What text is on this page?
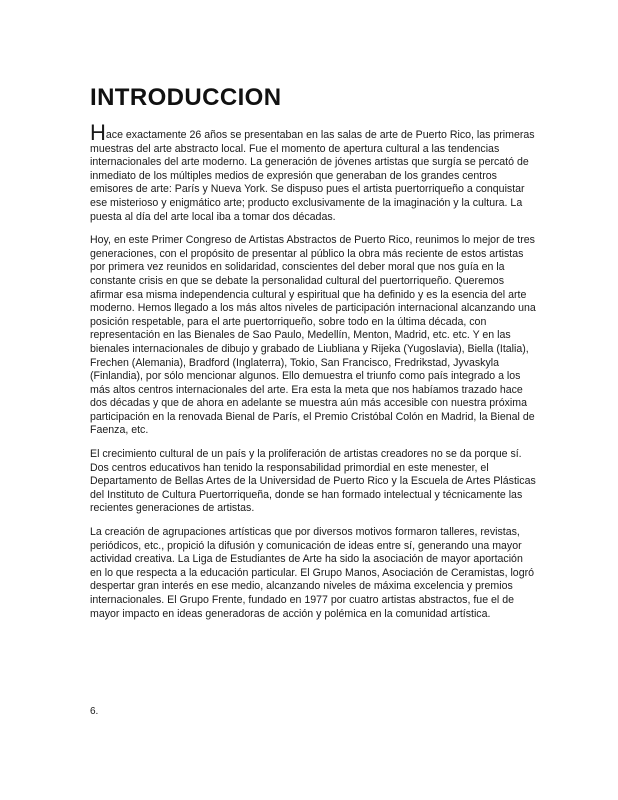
INTRODUCCION

Hace exactamente 26 años se presentaban en las salas de arte de Puerto Rico, las primeras muestras del arte abstracto local. Fue el momento de apertura cultural a las tendencias internacionales del arte moderno. La generación de jóvenes artistas que surgía se percató de inmediato de los múltiples medios de expresión que generaban de los grandes centros emisores de arte: París y Nueva York. Se dispuso pues el artista puertorriqueño a conquistar ese misterioso y enigmático arte; producto exclusivamente de la imaginación y la cultura. La puesta al día del arte local iba a tomar dos décadas.

Hoy, en este Primer Congreso de Artistas Abstractos de Puerto Rico, reunimos lo mejor de tres generaciones, con el propósito de presentar al público la obra más reciente de estos artistas por primera vez reunidos en solidaridad, conscientes del deber moral que nos guía en la constante crisis en que se debate la personalidad cultural del puertorriqueño. Queremos afirmar esa misma independencia cultural y espiritual que ha definido y es la esencia del arte moderno. Hemos llegado a los más altos niveles de participación internacional alcanzando una posición respetable, para el arte puertorriqueño, sobre todo en la última década, con representación en las Bienales de Sao Paulo, Medellín, Menton, Madrid, etc. etc. Y en las bienales internacionales de dibujo y grabado de Liubliana y Rijeka (Yugoslavia), Biella (Italia), Frechen (Alemania), Bradford (Inglaterra), Tokio, San Francisco, Fredrikstad, Jyvaskyla (Finlandia), por sólo mencionar algunos. Ello demuestra el triunfo como país integrado a los más altos centros internacionales del arte. Era esta la meta que nos habíamos trazado hace dos décadas y que de ahora en adelante se muestra aún más accesible con nuestra próxima participación en la renovada Bienal de París, el Premio Cristóbal Colón en Madrid, la Bienal de Faenza, etc.

El crecimiento cultural de un país y la proliferación de artistas creadores no se da porque sí. Dos centros educativos han tenido la responsabilidad primordial en este menester, el Departamento de Bellas Artes de la Universidad de Puerto Rico y la Escuela de Artes Plásticas del Instituto de Cultura Puertorriqueña, donde se han formado intelectual y técnicamente las recientes generaciones de artistas.

La creación de agrupaciones artísticas que por diversos motivos formaron talleres, revistas, periódicos, etc., propició la difusión y comunicación de ideas entre sí, generando una mayor actividad creativa. La Liga de Estudiantes de Arte ha sido la asociación de mayor aportación en lo que respecta a la educación particular. El Grupo Manos, Asociación de Ceramistas, logró despertar gran interés en ese medio, alcanzando niveles de máxima excelencia y premios internacionales. El Grupo Frente, fundado en 1977 por cuatro artistas abstractos, fue el de mayor impacto en ideas generadoras de acción y polémica en la comunidad artística.

6.
